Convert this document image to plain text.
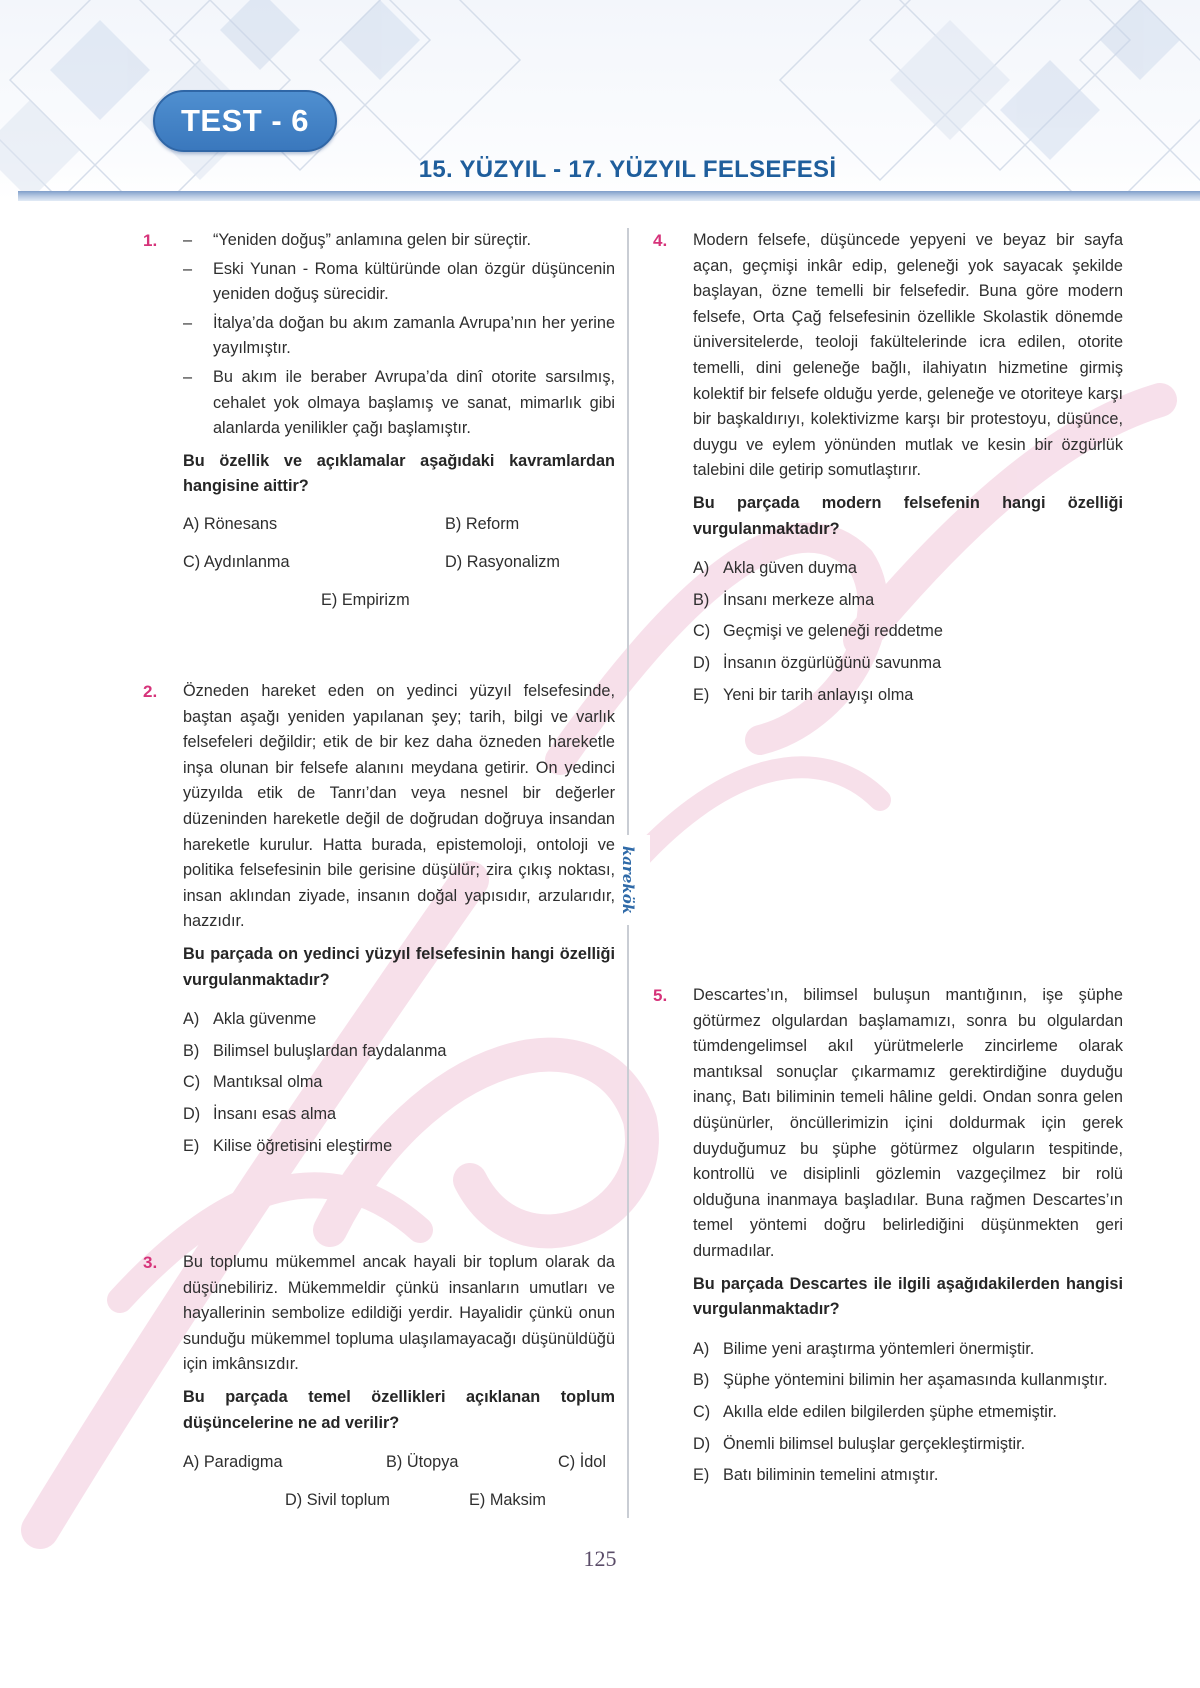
TEST - 6
15. YÜZYIL - 17. YÜZYIL FELSEFESİ
karekök
1. – “Yeniden doğuş” anlamına gelen bir süreçtir.
– Eski Yunan - Roma kültüründe olan özgür düşüncenin yeniden doğuş sürecidir.
– İtalya’da doğan bu akım zamanla Avrupa’nın her yerine yayılmıştır.
– Bu akım ile beraber Avrupa’da dinî otorite sarsılmış, cehalet yok olmaya başlamış ve sanat, mimarlık gibi alanlarda yenilikler çağı başlamıştır.

Bu özellik ve açıklamalar aşağıdaki kavramlardan hangisine aittir?

A) Rönesans	B) Reform
C) Aydınlanma	D) Rasyonalizm
E) Empirizm
2. Özneden hareket eden on yedinci yüzyıl felsefesinde, baştan aşağı yeniden yapılanan şey; tarih, bilgi ve varlık felsefeleri değildir; etik de bir kez daha özneden hareketle inşa olunan bir felsefe alanını meydana getirir. On yedinci yüzyılda etik de Tanrı’dan veya nesnel bir değerler düzeninden hareketle değil de doğrudan doğruya insandan hareketle kurulur. Hatta burada, epistemoloji, ontoloji ve politika felsefesinin bile gerisine düşülür; zira çıkış noktası, insan aklından ziyade, insanın doğal yapısıdır, arzularıdır, hazzıdır.

Bu parçada on yedinci yüzyıl felsefesinin hangi özelliği vurgulanmaktadır?

A) Akla güvenme
B) Bilimsel buluşlardan faydalanma
C) Mantıksal olma
D) İnsanı esas alma
E) Kilise öğretisini eleştirme
3. Bu toplumu mükemmel ancak hayali bir toplum olarak da düşünebiliriz. Mükemmeldir çünkü insanların umutları ve hayallerinin sembolize edildiği yerdir. Hayalidir çünkü onun sunduğu mükemmel topluma ulaşılamayacağı düşünüldüğü için imkânsızdır.

Bu parçada temel özellikleri açıklanan toplum düşüncelerine ne ad verilir?

A) Paradigma	B) Ütopya	C) İdol
D) Sivil toplum	E) Maksim
4. Modern felsefe, düşüncede yepyeni ve beyaz bir sayfa açan, geçmişi inkâr edip, geleneği yok sayacak şekilde başlayan, özne temelli bir felsefedir. Buna göre modern felsefe, Orta Çağ felsefesinin özellikle Skolastik dönemde üniversitelerde, teoloji fakültelerinde icra edilen, otorite temelli, dini geleneğe bağlı, ilahiyatın hizmetine girmiş kolektif bir felsefe olduğu yerde, geleneğe ve otoriteye karşı bir başkaldırıyı, kolektivizme karşı bir protestoyu, düşünce, duygu ve eylem yönünden mutlak ve kesin bir özgürlük talebini dile getirip somutlaştırır.

Bu parçada modern felsefenin hangi özelliği vurgulanmaktadır?

A) Akla güven duyma
B) İnsanı merkeze alma
C) Geçmişi ve geleneği reddetme
D) İnsanın özgürlüğünü savunma
E) Yeni bir tarih anlayışı olma
5. Descartes’ın, bilimsel buluşun mantığının, işe şüphe götürmez olgulardan başlamamızı, sonra bu olgulardan tümdengelimsel akıl yürütmelerle zincirleme olarak mantıksal sonuçlar çıkarmamız gerektirdiğine duyduğu inanç, Batı biliminin temeli hâline geldi. Ondan sonra gelen düşünürler, öncüllerimizin içini doldurmak için gerek duyduğumuz bu şüphe götürmez olguların tespitinde, kontrollü ve disiplinli gözlemin vazgeçilmez bir rolü olduğuna inanmaya başladılar. Buna rağmen Descartes’ın temel yöntemi doğru belirlediğini düşünmekten geri durmadılar.

Bu parçada Descartes ile ilgili aşağıdakilerden hangisi vurgulanmaktadır?

A) Bilime yeni araştırma yöntemleri önermiştir.
B) Şüphe yöntemini bilimin her aşamasında kullanmıştır.
C) Akılla elde edilen bilgilerden şüphe etmemiştir.
D) Önemli bilimsel buluşlar gerçekleştirmiştir.
E) Batı biliminin temelini atmıştır.
125
